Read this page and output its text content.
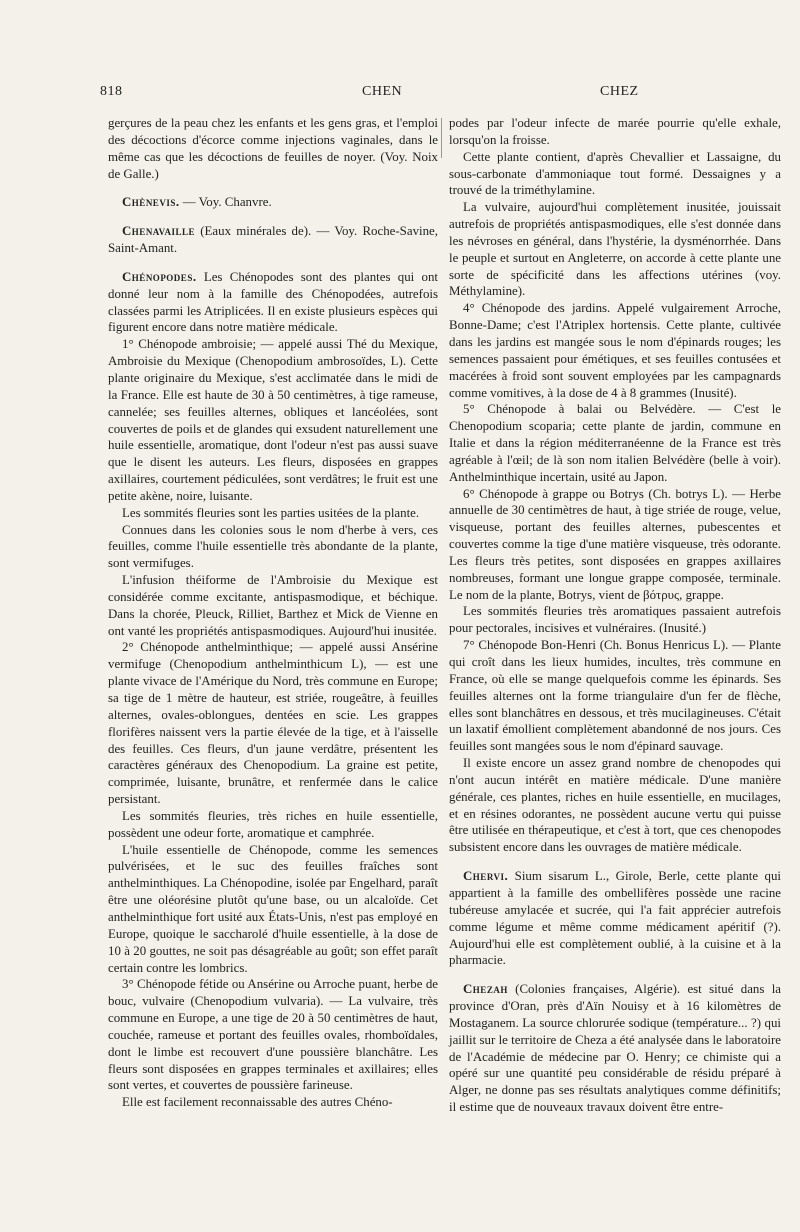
818	CHEN	CHEZ

gerçures de la peau chez les enfants et les gens gras, et l'emploi des décoctions d'écorce comme injections vaginales, dans le même cas que les décoctions de feuilles de noyer. (Voy. Noix de Galle.)

Chènevis. — Voy. Chanvre.

Chenavaille (Eaux minérales de). — Voy. Roche-Savine, Saint-Amant.

Chénopodes. Les Chénopodes sont des plantes qui ont donné leur nom à la famille des Chénopodées, autrefois classées parmi les Atriplicées. Il en existe plusieurs espèces qui figurent encore dans notre matière médicale.

1° Chénopode ambroisie; — appelé aussi Thé du Mexique, Ambroisie du Mexique (Chenopodium ambrosoïdes, L). Cette plante originaire du Mexique, s'est acclimatée dans le midi de la France. Elle est haute de 30 à 50 centimètres, à tige rameuse, cannelée; ses feuilles alternes, obliques et lancéolées, sont couvertes de poils et de glandes qui exsudent naturellement une huile essentielle, aromatique, dont l'odeur n'est pas aussi suave que le disent les auteurs. Les fleurs, disposées en grappes axillaires, courtement pédiculées, sont verdâtres; le fruit est une petite akène, noire, luisante.

Les sommités fleuries sont les parties usitées de la plante.

Connues dans les colonies sous le nom d'herbe à vers, ces feuilles, comme l'huile essentielle très abondante de la plante, sont vermifuges.

L'infusion théiforme de l'Ambroisie du Mexique est considérée comme excitante, antispasmodique, et béchique. Dans la chorée, Pleuck, Rilliet, Barthez et Mick de Vienne en ont vanté les propriétés antispasmodiques. Aujourd'hui inusitée.

2° Chénopode anthelminthique; — appelé aussi Ansérine vermifuge (Chenopodium anthelminthicum L), — est une plante vivace de l'Amérique du Nord, très commune en Europe; sa tige de 1 mètre de hauteur, est striée, rougeâtre, à feuilles alternes, ovales-oblongues, dentées en scie. Les grappes florifères naissent vers la partie élevée de la tige, et à l'aisselle des feuilles. Ces fleurs, d'un jaune verdâtre, présentent les caractères généraux des Chenopodium. La graine est petite, comprimée, luisante, brunâtre, et renfermée dans le calice persistant.

Les sommités fleuries, très riches en huile essentielle, possèdent une odeur forte, aromatique et camphrée.

L'huile essentielle de Chénopode, comme les semences pulvérisées, et le suc des feuilles fraîches sont anthelminthiques. La Chénopodine, isolée par Engelhard, paraît être une oléorésine plutôt qu'une base, ou un alcaloïde. Cet anthelminthique fort usité aux États-Unis, n'est pas employé en Europe, quoique le saccharolé d'huile essentielle, à la dose de 10 à 20 gouttes, ne soit pas désagréable au goût; son effet paraît certain contre les lombrics.

3° Chénopode fétide ou Ansérine ou Arroche puant, herbe de bouc, vulvaire (Chenopodium vulvaria). — La vulvaire, très commune en Europe, a une tige de 20 à 50 centimètres de haut, couchée, rameuse et portant des feuilles ovales, rhomboïdales, dont le limbe est recouvert d'une poussière blanchâtre. Les fleurs sont disposées en grappes terminales et axillaires; elles sont vertes, et couvertes de poussière farineuse.

Elle est facilement reconnaissable des autres Chéno-

podes par l'odeur infecte de marée pourrie qu'elle exhale, lorsqu'on la froisse.

Cette plante contient, d'après Chevallier et Lassaigne, du sous-carbonate d'ammoniaque tout formé. Dessaignes y a trouvé de la triméthylamine.

La vulvaire, aujourd'hui complètement inusitée, jouissait autrefois de propriétés antispasmodiques, elle s'est donnée dans les névroses en général, dans l'hystérie, la dysménorrhée. Dans le peuple et surtout en Angleterre, on accorde à cette plante une sorte de spécificité dans les affections utérines (voy. Méthylamine).

4° Chénopode des jardins. Appelé vulgairement Arroche, Bonne-Dame; c'est l'Atriplex hortensis. Cette plante, cultivée dans les jardins est mangée sous le nom d'épinards rouges; les semences passaient pour émétiques, et ses feuilles contusées et macérées à froid sont souvent employées par les campagnards comme vomitives, à la dose de 4 à 8 grammes (Inusité).

5° Chénopode à balai ou Belvédère. — C'est le Chenopodium scoparia; cette plante de jardin, commune en Italie et dans la région méditerranéenne de la France est très agréable à l'œil; de là son nom italien Belvédère (belle à voir). Anthelminthique incertain, usité au Japon.

6° Chénopode à grappe ou Botrys (Ch. botrys L). — Herbe annuelle de 30 centimètres de haut, à tige striée de rouge, velue, visqueuse, portant des feuilles alternes, pubescentes et couvertes comme la tige d'une matière visqueuse, très odorante. Les fleurs très petites, sont disposées en grappes axillaires nombreuses, formant une longue grappe composée, terminale. Le nom de la plante, Botrys, vient de βότρυς, grappe.

Les sommités fleuries très aromatiques passaient autrefois pour pectorales, incisives et vulnéraires. (Inusité.)

7° Chénopode Bon-Henri (Ch. Bonus Henricus L). — Plante qui croît dans les lieux humides, incultes, très commune en France, où elle se mange quelquefois comme les épinards. Ses feuilles alternes ont la forme triangulaire d'un fer de flèche, elles sont blanchâtres en dessous, et très mucilagineuses. C'était un laxatif émollient complètement abandonné de nos jours. Ces feuilles sont mangées sous le nom d'épinard sauvage.

Il existe encore un assez grand nombre de chenopodes qui n'ont aucun intérêt en matière médicale. D'une manière générale, ces plantes, riches en huile essentielle, en mucilages, et en résines odorantes, ne possèdent aucune vertu qui puisse être utilisée en thérapeutique, et c'est à tort, que ces chenopodes subsistent encore dans les ouvrages de matière médicale.

Chervi. Sium sisarum L., Girole, Berle, cette plante qui appartient à la famille des ombellifères possède une racine tubéreuse amylacée et sucrée, qui l'a fait apprécier autrefois comme légume et même comme médicament apéritif (?). Aujourd'hui elle est complètement oublié, à la cuisine et à la pharmacie.

Chezah (Colonies françaises, Algérie). est situé dans la province d'Oran, près d'Aïn Nouisy et à 16 kilomètres de Mostaganem. La source chlorurée sodique (température... ?) qui jaillit sur le territoire de Cheza a été analysée dans le laboratoire de l'Académie de médecine par O. Henry; ce chimiste qui a opéré sur une quantité peu considérable de résidu préparé à Alger, ne donne pas ses résultats analytiques comme définitifs; il estime que de nouveaux travaux doivent être entre-
